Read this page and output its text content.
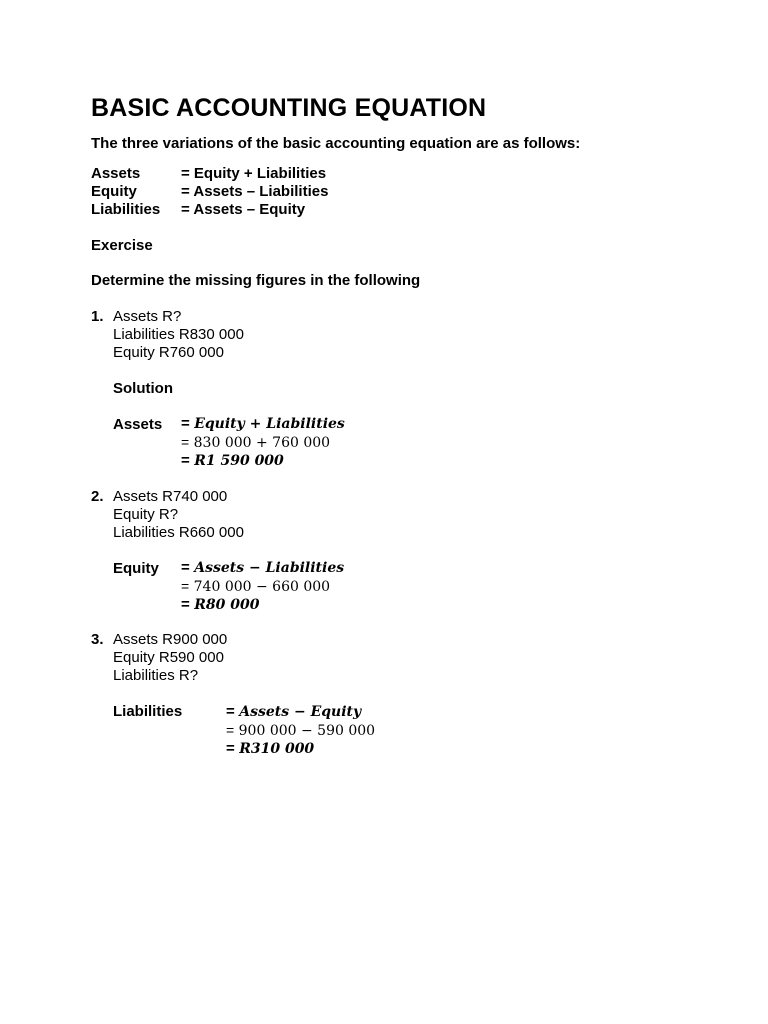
BASIC ACCOUNTING EQUATION
The three variations of the basic accounting equation are as follows:
Assets	= Equity + Liabilities
Equity	= Assets – Liabilities
Liabilities = Assets – Equity
Exercise
Determine the missing figures in the following
1. Assets R?
Liabilities R830 000
Equity R760 000
Solution
Assets = Equity + Liabilities
= 830 000 + 760 000
= R1 590 000
2. Assets R740 000
Equity R?
Liabilities R660 000
Equity = Assets − Liabilities
= 740 000 − 660 000
= R80 000
3. Assets R900 000
Equity R590 000
Liabilities R?
Liabilities	= Assets − Equity
= 900 000 − 590 000
= R310 000
